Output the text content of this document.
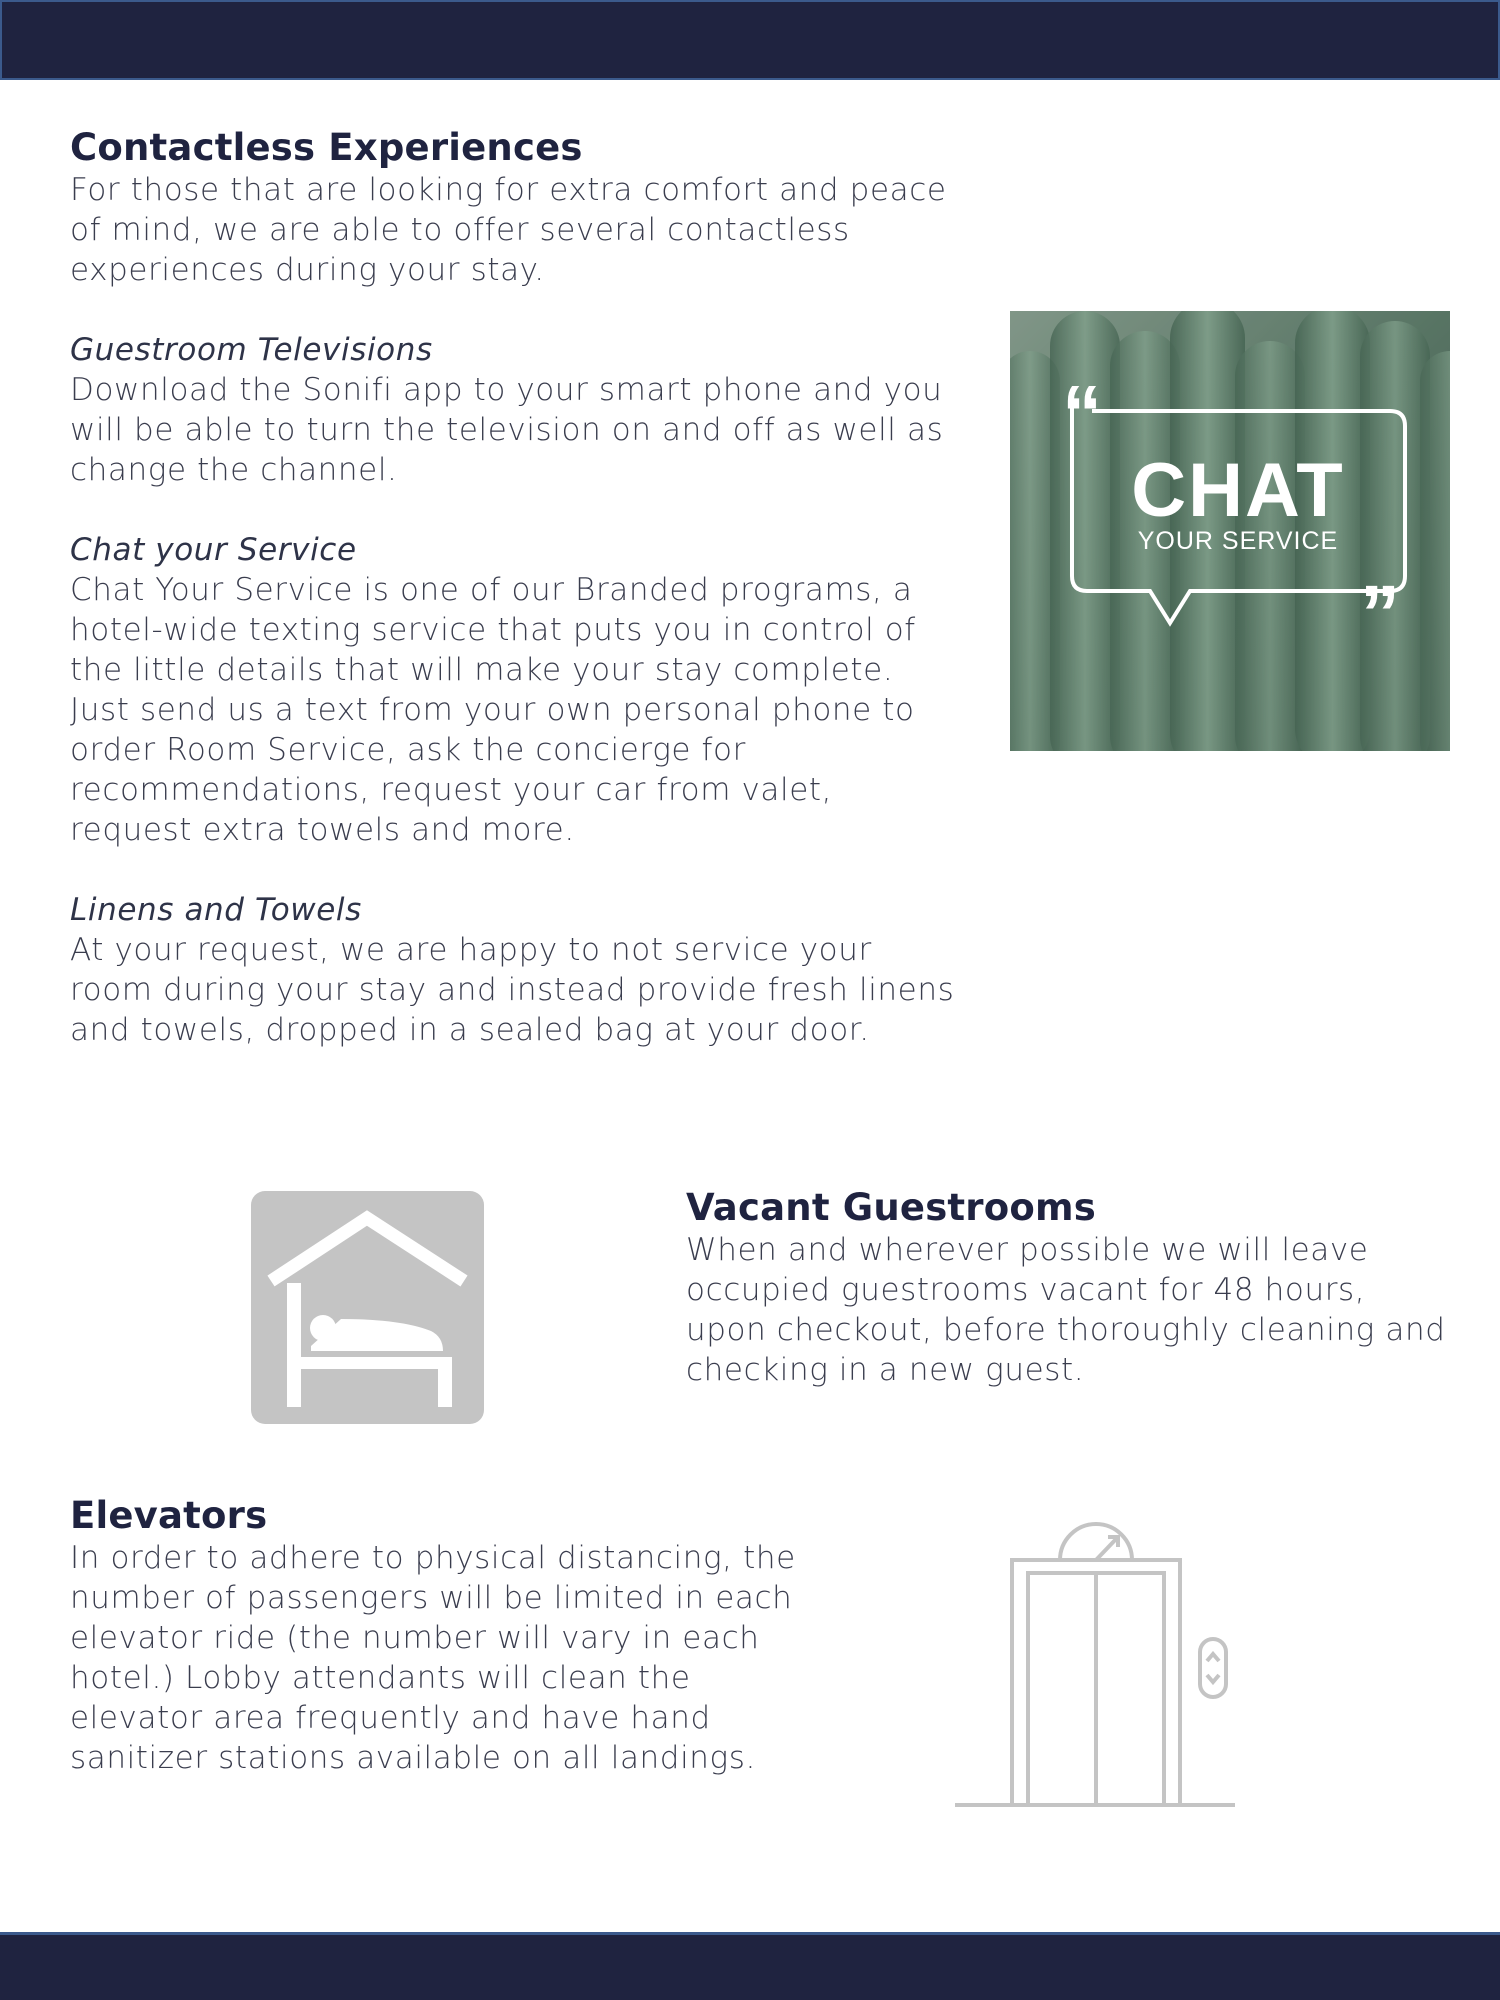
Contactless Experiences

For those that are looking for extra comfort and peace of mind, we are able to offer several contactless experiences during your stay.

Guestroom Televisions

Download the Sonifi app to your smart phone and you will be able to turn the television on and off as well as change the channel.

Chat your Service

Chat Your Service is one of our Branded programs, a hotel-wide texting service that puts you in control of the little details that will make your stay complete. Just send us a text from your own personal phone to order Room Service, ask the concierge for recommendations, request your car from valet, request extra towels and more.

Linens and Towels

At your request, we are happy to not service your room during your stay and instead provide fresh linens and towels, dropped in a sealed bag at your door.

“
”
CHAT
YOUR SERVICE
Vacant Guestrooms

When and wherever possible we will leave occupied guestrooms vacant for 48 hours, upon checkout, before thoroughly cleaning and checking in a new guest.

Elevators

In order to adhere to physical distancing, the number of passengers will be limited in each elevator ride (the number will vary in each hotel.) Lobby attendants will clean the elevator area frequently and have hand sanitizer stations available on all landings.
